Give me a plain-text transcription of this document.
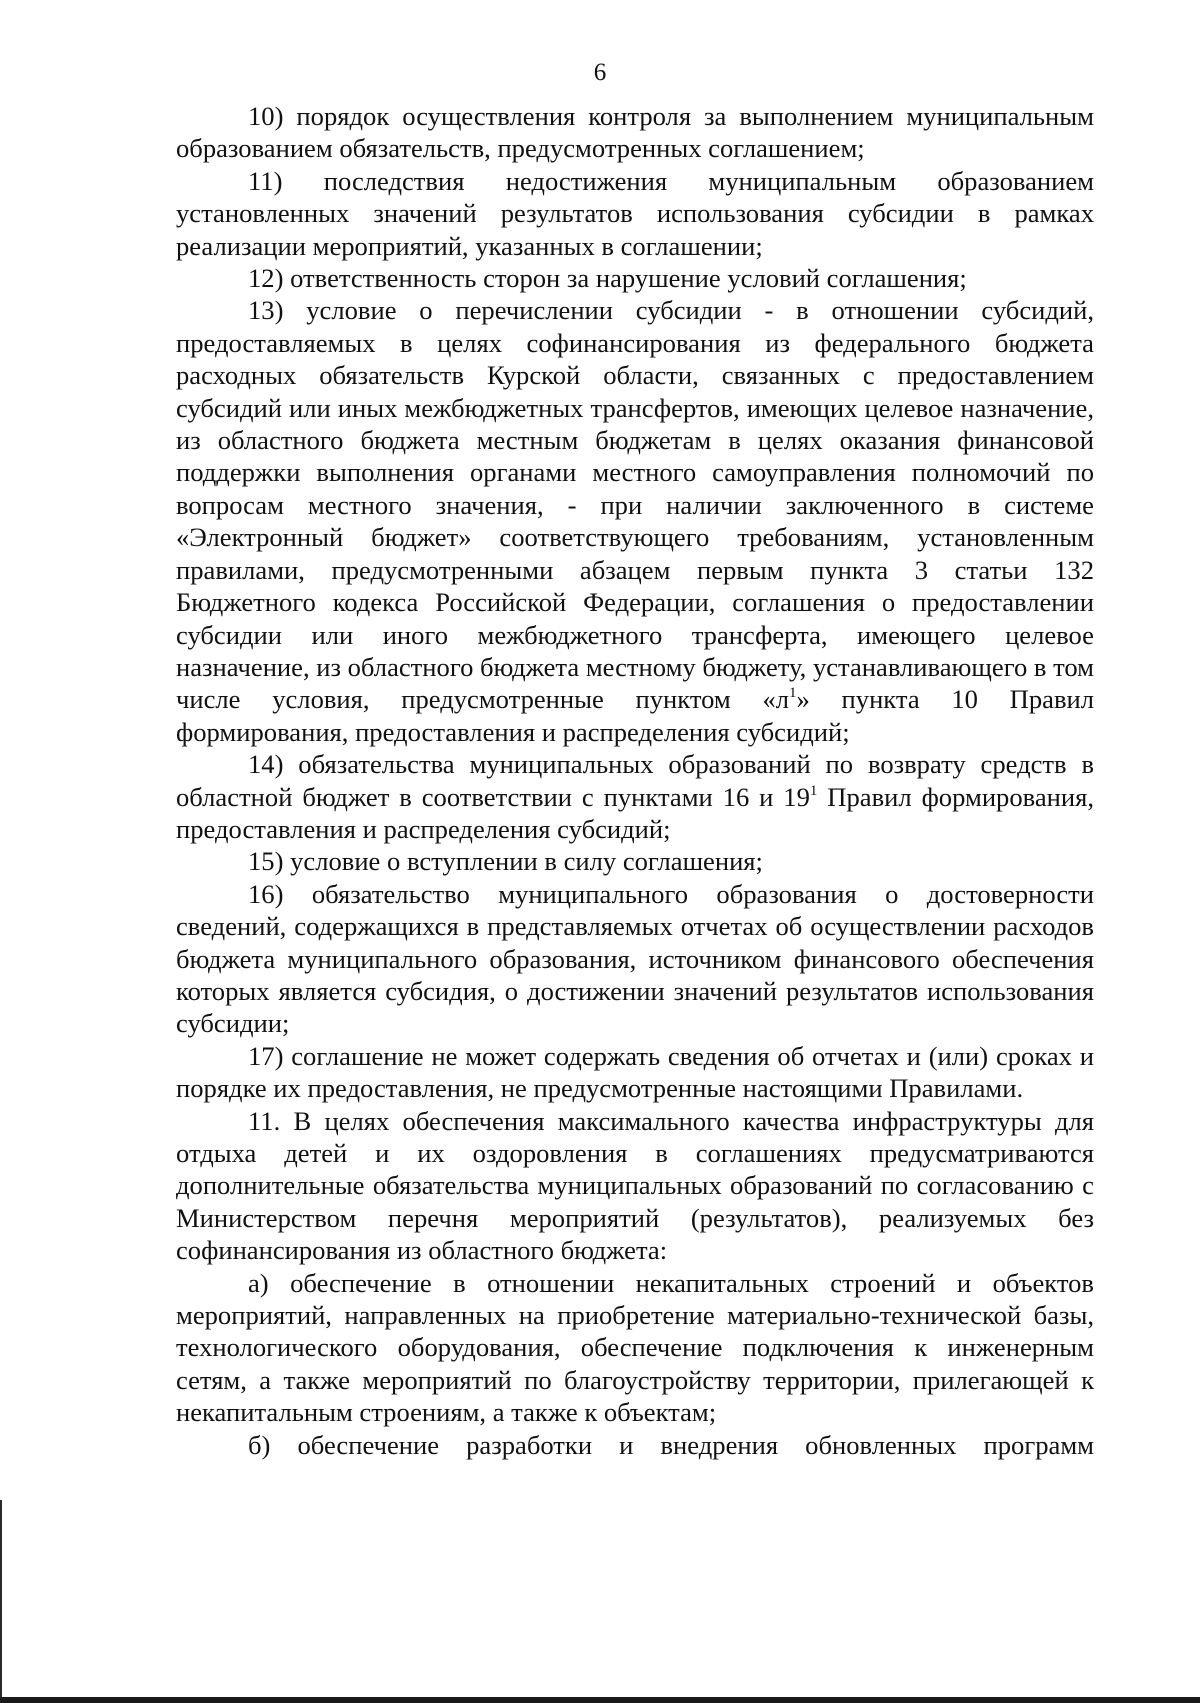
6

10) порядок осуществления контроля за выполнением муниципальным образованием обязательств, предусмотренных соглашением;

11) последствия недостижения муниципальным образованием установленных значений результатов использования субсидии в рамках реализации мероприятий, указанных в соглашении;

12) ответственность сторон за нарушение условий соглашения;

13) условие о перечислении субсидии - в отношении субсидий, предоставляемых в целях софинансирования из федерального бюджета расходных обязательств Курской области, связанных с предоставлением субсидий или иных межбюджетных трансфертов, имеющих целевое назначение, из областного бюджета местным бюджетам в целях оказания финансовой поддержки выполнения органами местного самоуправления полномочий по вопросам местного значения, - при наличии заключенного в системе «Электронный бюджет» соответствующего требованиям, установленным правилами, предусмотренными абзацем первым пункта 3 статьи 132 Бюджетного кодекса Российской Федерации, соглашения о предоставлении субсидии или иного межбюджетного трансферта, имеющего целевое назначение, из областного бюджета местному бюджету, устанавливающего в том числе условия, предусмотренные пунктом «$л^1$» пункта 10 Правил формирования, предоставления и распределения субсидий;

14) обязательства муниципальных образований по возврату средств в областной бюджет в соответствии с пунктами 16 и $19^1$ Правил формирования, предоставления и распределения субсидий;

15) условие о вступлении в силу соглашения;

16) обязательство муниципального образования о достоверности сведений, содержащихся в представляемых отчетах об осуществлении расходов бюджета муниципального образования, источником финансового обеспечения которых является субсидия, о достижении значений результатов использования субсидии;

17) соглашение не может содержать сведения об отчетах и (или) сроках и порядке их предоставления, не предусмотренные настоящими Правилами.

11. В целях обеспечения максимального качества инфраструктуры для отдыха детей и их оздоровления в соглашениях предусматриваются дополнительные обязательства муниципальных образований по согласованию с Министерством перечня мероприятий (результатов), реализуемых без софинансирования из областного бюджета:

а) обеспечение в отношении некапитальных строений и объектов мероприятий, направленных на приобретение материально-технической базы, технологического оборудования, обеспечение подключения к инженерным сетям, а также мероприятий по благоустройству территории, прилегающей к некапитальным строениям, а также к объектам;

б) обеспечение разработки и внедрения обновленных программ
